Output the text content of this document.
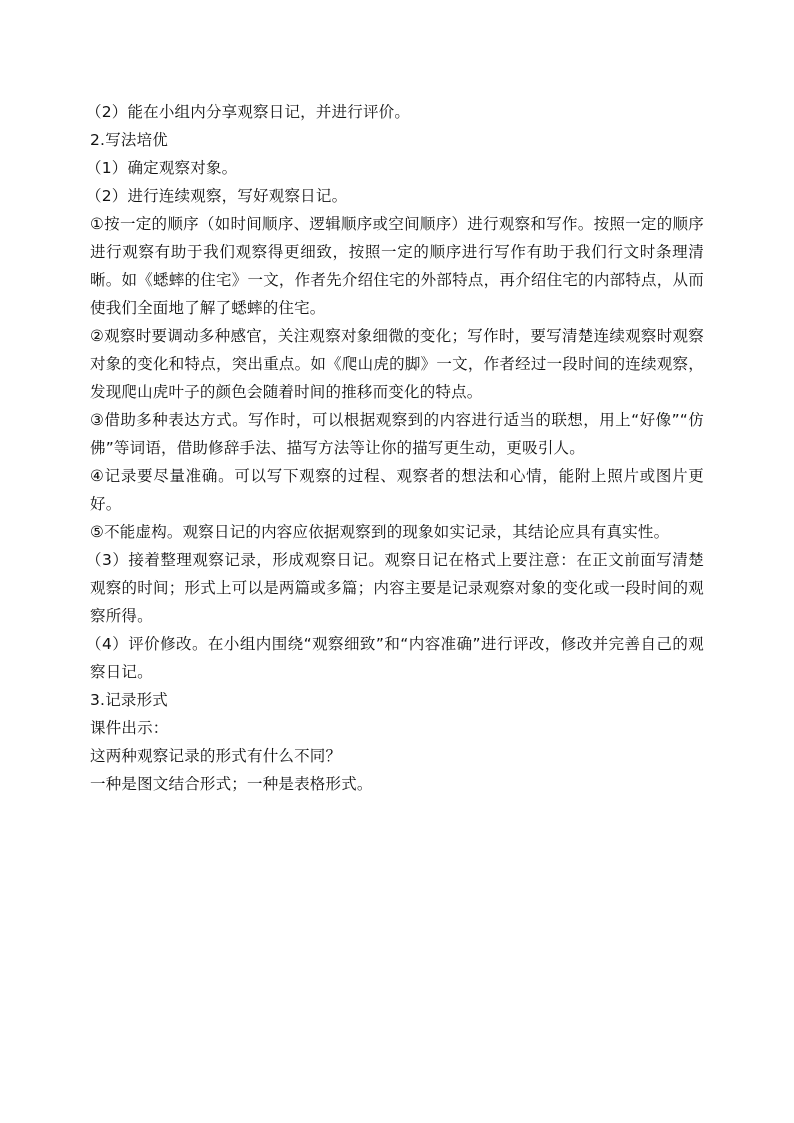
（2）能在小组内分享观察日记，并进行评价。

2.写法培优

（1）确定观察对象。

（2）进行连续观察，写好观察日记。

①按一定的顺序（如时间顺序、逻辑顺序或空间顺序）进行观察和写作。按照一定的顺序进行观察有助于我们观察得更细致，按照一定的顺序进行写作有助于我们行文时条理清晰。如《蟋蟀的住宅》一文，作者先介绍住宅的外部特点，再介绍住宅的内部特点，从而使我们全面地了解了蟋蟀的住宅。

②观察时要调动多种感官，关注观察对象细微的变化；写作时，要写清楚连续观察时观察对象的变化和特点，突出重点。如《爬山虎的脚》一文，作者经过一段时间的连续观察，发现爬山虎叶子的颜色会随着时间的推移而变化的特点。

③借助多种表达方式。写作时，可以根据观察到的内容进行适当的联想，用上“好像”“仿佛”等词语，借助修辞手法、描写方法等让你的描写更生动，更吸引人。

④记录要尽量准确。可以写下观察的过程、观察者的想法和心情，能附上照片或图片更好。

⑤不能虚构。观察日记的内容应依据观察到的现象如实记录，其结论应具有真实性。

（3）接着整理观察记录，形成观察日记。观察日记在格式上要注意：在正文前面写清楚观察的时间；形式上可以是两篇或多篇；内容主要是记录观察对象的变化或一段时间的观察所得。

（4）评价修改。在小组内围绕“观察细致”和“内容准确”进行评改，修改并完善自己的观察日记。

3.记录形式

课件出示：

这两种观察记录的形式有什么不同？

一种是图文结合形式；一种是表格形式。
